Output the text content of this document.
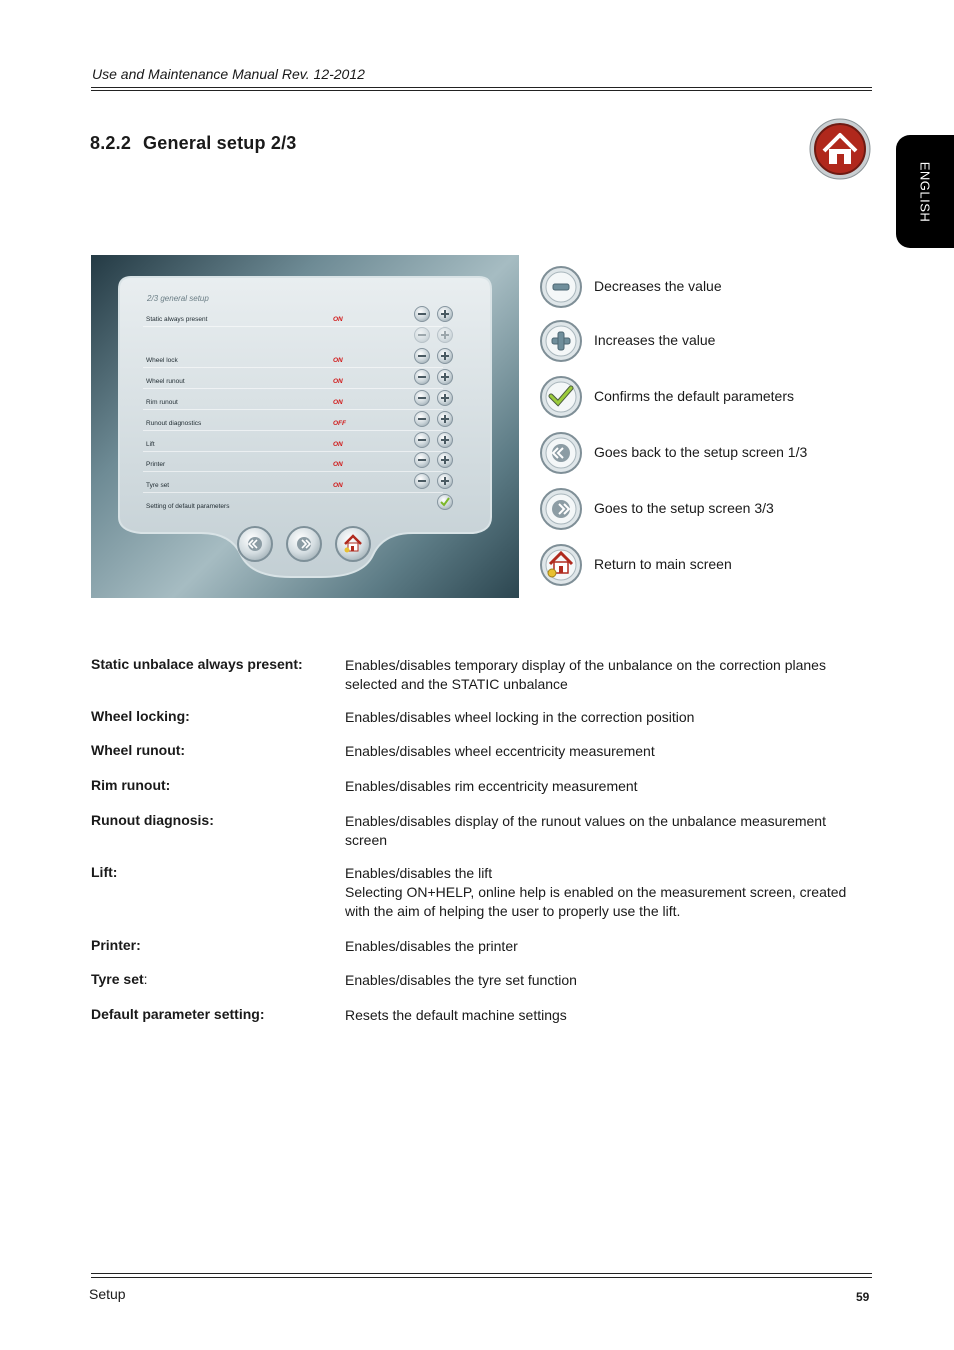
Use and Maintenance Manual Rev. 12-2012
8.2.2 General setup 2/3
ENGLISH
2/3 general setup
Static always present	ON
Wheel lock	ON
Wheel runout	ON
Rim runout	ON
Runout diagnostics	OFF
Lift	ON
Printer	ON
Tyre set	ON
Setting of default parameters
Decreases the value
Increases the value
Confirms the default parameters
Goes back to the setup screen 1/3
Goes to the setup screen 3/3
Return to main screen
Static unbalace always present:	Enables/disables temporary display of the unbalance on the correction planes selected and the STATIC unbalance
Wheel locking:	Enables/disables wheel locking in the correction position
Wheel runout:	Enables/disables wheel eccentricity measurement
Rim runout:	Enables/disables rim eccentricity measurement
Runout diagnosis:	Enables/disables display of the runout values on the unbalance measurement screen
Lift:	Enables/disables the lift
Selecting ON+HELP, online help is enabled on the measurement screen, created with the aim of helping the user to properly use the lift.
Printer:	Enables/disables the printer
Tyre set:	Enables/disables the tyre set function
Default parameter setting:	Resets the default machine settings
Setup	59
